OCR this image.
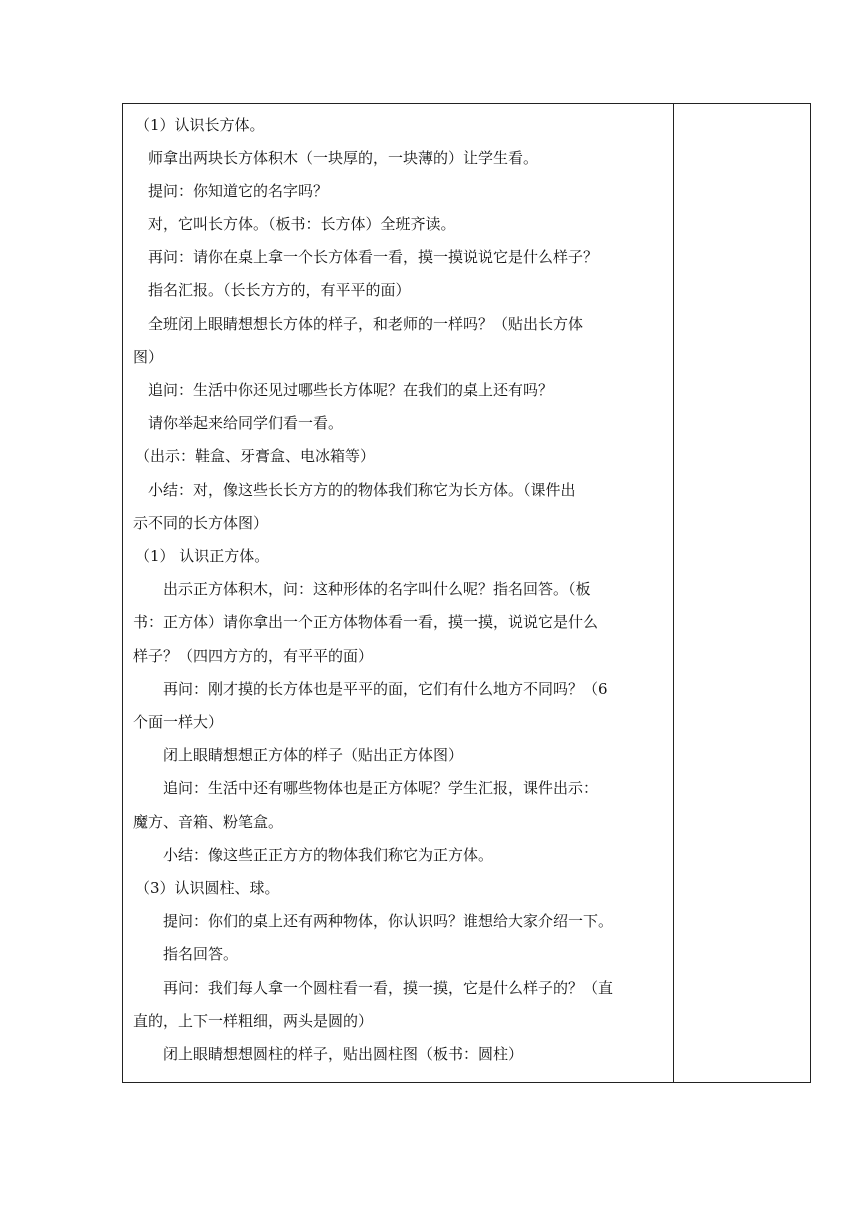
（1）认识长方体。
师拿出两块长方体积木（一块厚的，一块薄的）让学生看。
提问：你知道它的名字吗？
对，它叫长方体。（板书：长方体）全班齐读。
再问：请你在桌上拿一个长方体看一看，摸一摸说说它是什么样子？
指名汇报。（长长方方的，有平平的面）
全班闭上眼睛想想长方体的样子，和老师的一样吗？（贴出长方体
图）
追问：生活中你还见过哪些长方体呢？在我们的桌上还有吗？
请你举起来给同学们看一看。
（出示：鞋盒、牙膏盒、电冰箱等）
小结：对，像这些长长方方的的物体我们称它为长方体。（课件出
示不同的长方体图）
（1） 认识正方体。
出示正方体积木，问：这种形体的名字叫什么呢？指名回答。（板
书：正方体）请你拿出一个正方体物体看一看，摸一摸，说说它是什么
样子？（四四方方的，有平平的面）
再问：刚才摸的长方体也是平平的面，它们有什么地方不同吗？（6
个面一样大）
闭上眼睛想想正方体的样子（贴出正方体图）
追问：生活中还有哪些物体也是正方体呢？学生汇报，课件出示：
魔方、音箱、粉笔盒。
小结：像这些正正方方的物体我们称它为正方体。
（3）认识圆柱、球。
提问：你们的桌上还有两种物体，你认识吗？谁想给大家介绍一下。
指名回答。
再问：我们每人拿一个圆柱看一看，摸一摸，它是什么样子的？（直
直的，上下一样粗细，两头是圆的）
闭上眼睛想想圆柱的样子，贴出圆柱图（板书：圆柱）
